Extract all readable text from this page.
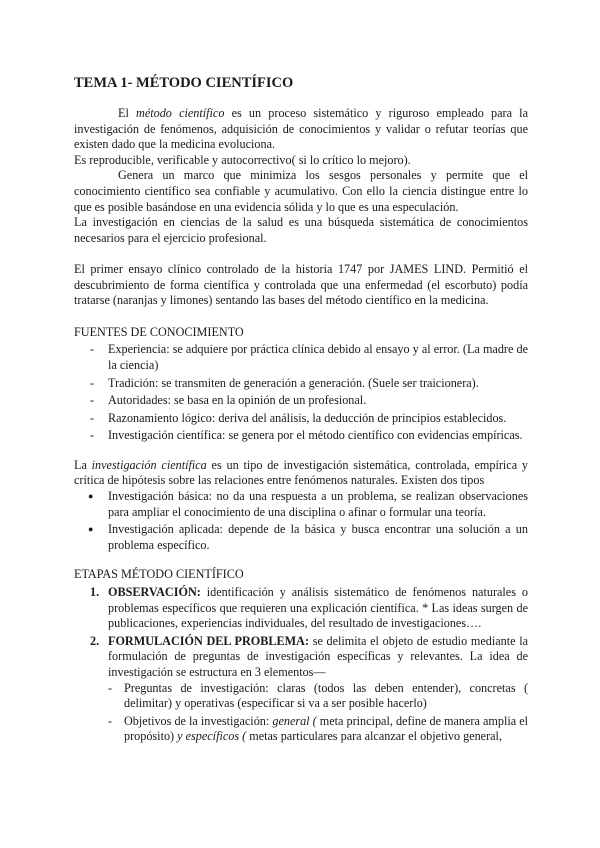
TEMA 1- MÉTODO CIENTÍFICO

El método científico es un proceso sistemático y riguroso empleado para la investigación de fenómenos, adquisición de conocimientos y validar o refutar teorías que existen dado que la medicina evoluciona.

Es reproducible, verificable y autocorrectivo( si lo crítico lo mejoro).

Genera un marco que minimiza los sesgos personales y permite que el conocimiento científico sea confiable y acumulativo. Con ello la ciencia distingue entre lo que es posible basándose en una evidencia sólida y lo que es una especulación.

La investigación en ciencias de la salud es una búsqueda sistemática de conocimientos necesarios para el ejercicio profesional.

El primer ensayo clínico controlado de la historia 1747 por JAMES LIND. Permitió el descubrimiento de forma científica y controlada que una enfermedad (el escorbuto) podía tratarse (naranjas y limones) sentando las bases del método científico en la medicina.

FUENTES DE CONOCIMIENTO
- Experiencia: se adquiere por práctica clínica debido al ensayo y al error. (La madre de la ciencia)
- Tradición: se transmiten de generación a generación. (Suele ser traicionera).
- Autoridades: se basa en la opinión de un profesional.
- Razonamiento lógico: deriva del análisis, la deducción de principios establecidos.
- Investigación científica: se genera por el método científico con evidencias empíricas.

La investigación científica es un tipo de investigación sistemática, controlada, empírica y crítica de hipótesis sobre las relaciones entre fenómenos naturales. Existen dos tipos

● Investigación básica: no da una respuesta a un problema, se realizan observaciones para ampliar el conocimiento de una disciplina o afinar o formular una teoría.
● Investigación aplicada: depende de la básica y busca encontrar una solución a un problema específico.
ETAPAS MÉTODO CIENTÍFICO
1. OBSERVACIÓN: identificación y análisis sistemático de fenómenos naturales o problemas específicos que requieren una explicación científica. * Las ideas surgen de publicaciones, experiencias individuales, del resultado de investigaciones….
2. FORMULACIÓN DEL PROBLEMA: se delimita el objeto de estudio mediante la formulación de preguntas de investigación específicas y relevantes. La idea de investigación se estructura en 3 elementos—
- Preguntas de investigación: claras (todos las deben entender), concretas ( delimitar) y operativas (especificar si va a ser posible hacerlo)
- Objetivos de la investigación: general ( meta principal, define de manera amplia el propósito) y específicos ( metas particulares para alcanzar el objetivo general,
